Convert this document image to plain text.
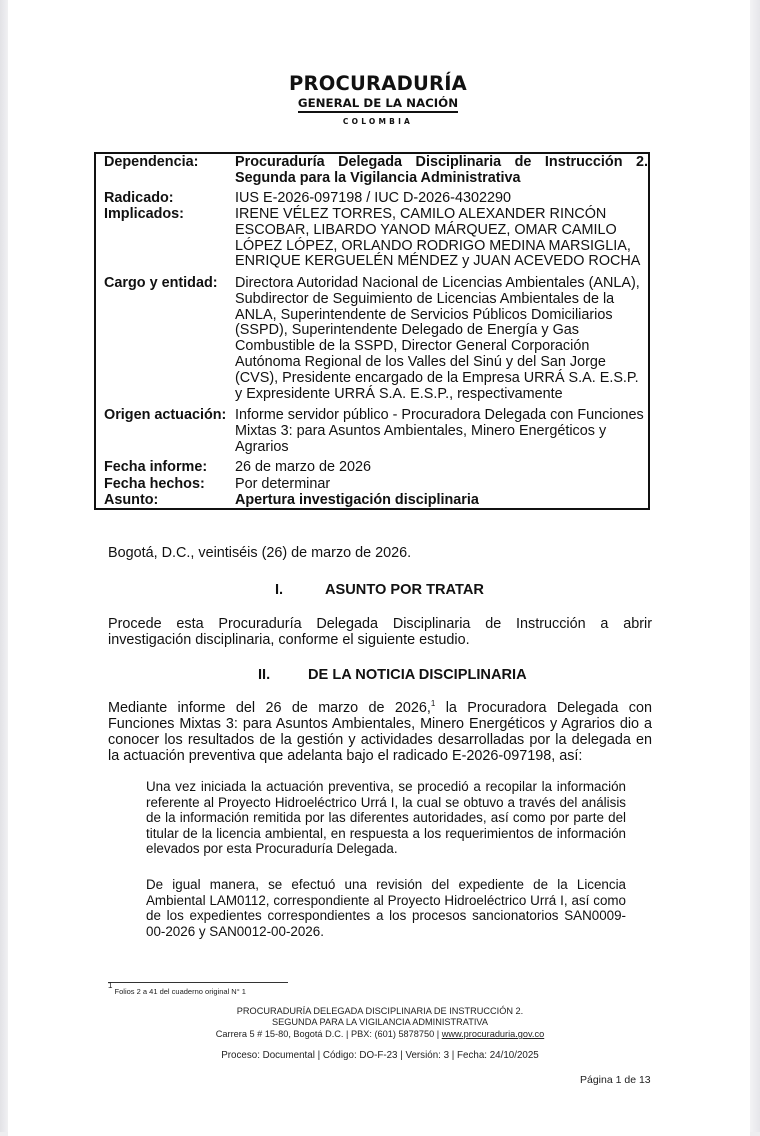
PROCURADURÍA
GENERAL DE LA NACIÓN
COLOMBIA
Dependencia:	Procuraduría Delegada Disciplinaria de Instrucción 2.
Segunda para la Vigilancia Administrativa
Radicado:	IUS E-2026-097198 / IUC D-2026-4302290
Implicados:	IRENE VÉLEZ TORRES, CAMILO ALEXANDER RINCÓN
ESCOBAR, LIBARDO YANOD MÁRQUEZ, OMAR CAMILO
LÓPEZ LÓPEZ, ORLANDO RODRIGO MEDINA MARSIGLIA,
ENRIQUE KERGUELÉN MÉNDEZ y JUAN ACEVEDO ROCHA
Cargo y entidad:	Directora Autoridad Nacional de Licencias Ambientales (ANLA),
Subdirector de Seguimiento de Licencias Ambientales de la
ANLA, Superintendente de Servicios Públicos Domiciliarios
(SSPD), Superintendente Delegado de Energía y Gas
Combustible de la SSPD, Director General Corporación
Autónoma Regional de los Valles del Sinú y del San Jorge
(CVS), Presidente encargado de la Empresa URRÁ S.A. E.S.P.
y Expresidente URRÁ S.A. E.S.P., respectivamente
Origen actuación: Informe servidor público - Procuradora Delegada con Funciones
Mixtas 3: para Asuntos Ambientales, Minero Energéticos y
Agrarios
Fecha informe:	26 de marzo de 2026
Fecha hechos:	Por determinar
Asunto:	Apertura investigación disciplinaria
Bogotá, D.C., veintiséis (26) de marzo de 2026.
I.	ASUNTO POR TRATAR
Procede esta Procuraduría Delegada Disciplinaria de Instrucción a abrir investigación disciplinaria, conforme el siguiente estudio.
II.	DE LA NOTICIA DISCIPLINARIA
Mediante informe del 26 de marzo de 2026,$^1$ la Procuradora Delegada con Funciones Mixtas 3: para Asuntos Ambientales, Minero Energéticos y Agrarios dio a conocer los resultados de la gestión y actividades desarrolladas por la delegada en la actuación preventiva que adelanta bajo el radicado E-2026-097198, así:
Una vez iniciada la actuación preventiva, se procedió a recopilar la información referente al Proyecto Hidroeléctrico Urrá I, la cual se obtuvo a través del análisis de la información remitida por las diferentes autoridades, así como por parte del titular de la licencia ambiental, en respuesta a los requerimientos de información elevados por esta Procuraduría Delegada.
De igual manera, se efectuó una revisión del expediente de la Licencia Ambiental LAM0112, correspondiente al Proyecto Hidroeléctrico Urrá I, así como de los expedientes correspondientes a los procesos sancionatorios SAN0009-00-2026 y SAN0012-00-2026.
$^1$ Folios 2 a 41 del cuaderno original N° 1
PROCURADURÍA DELEGADA DISCIPLINARIA DE INSTRUCCIÓN 2.
SEGUNDA PARA LA VIGILANCIA ADMINISTRATIVA
Carrera 5 # 15-80, Bogotá D.C. | PBX: (601) 5878750 | www.procuraduria.gov.co
Proceso: Documental | Código: DO-F-23 | Versión: 3 | Fecha: 24/10/2025
Página 1 de 13
